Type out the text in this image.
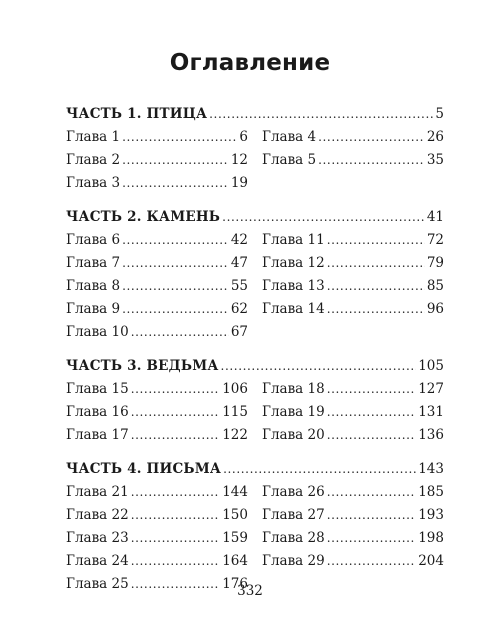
Оглавление
ЧАСТЬ 1. ПТИЦА .....	5
Глава 1 .....	6
Глава 2 .....	12
Глава 3 .....	19
Глава 4 .....	26
Глава 5 .....	35
ЧАСТЬ 2. КАМЕНЬ .....	41
Глава 6 .....	42
Глава 7 .....	47
Глава 8 .....	55
Глава 9 .....	62
Глава 10 .....	67
Глава 11 .....	72
Глава 12 .....	79
Глава 13 .....	85
Глава 14 .....	96
ЧАСТЬ 3. ВЕДЬМА .....	105
Глава 15 .....	106
Глава 16 .....	115
Глава 17 .....	122
Глава 18 .....	127
Глава 19 .....	131
Глава 20 .....	136
ЧАСТЬ 4. ПИСЬМА .....	143
Глава 21 .....	144
Глава 22 .....	150
Глава 23 .....	159
Глава 24 .....	164
Глава 25 .....	176
Глава 26 .....	185
Глава 27 .....	193
Глава 28 .....	198
Глава 29 .....	204
332
